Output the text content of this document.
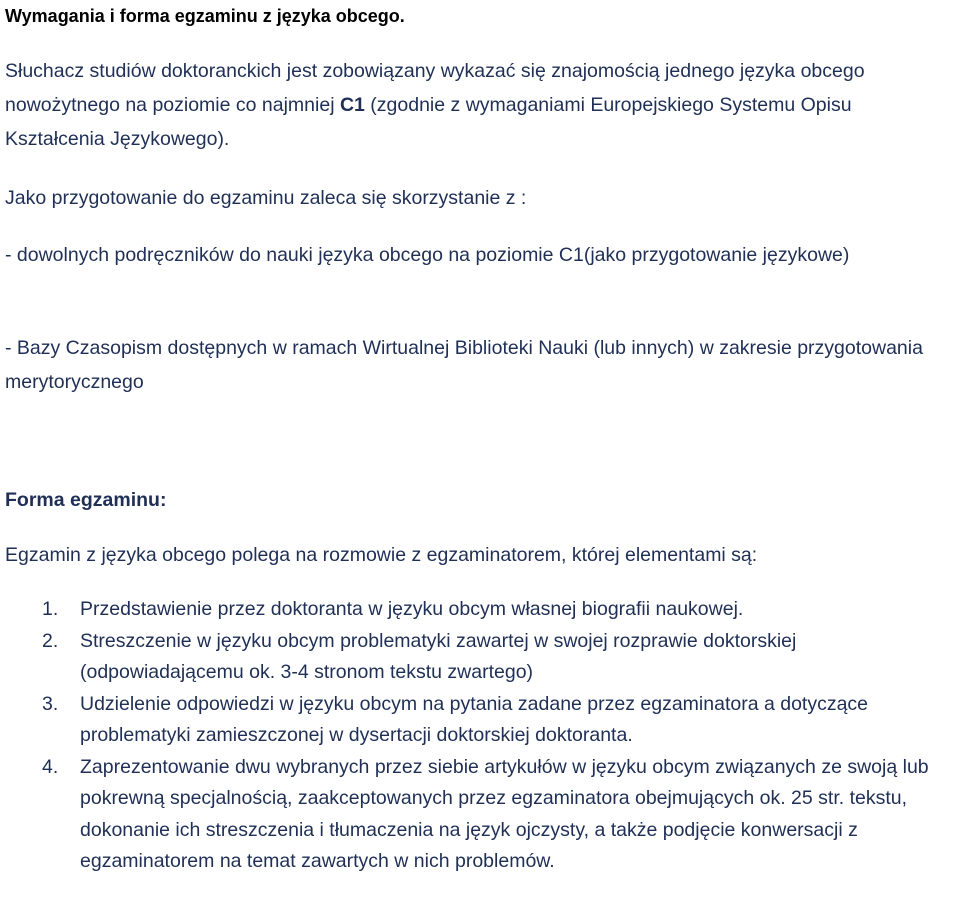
Wymagania i forma egzaminu z języka obcego.
Słuchacz studiów doktoranckich jest zobowiązany wykazać się znajomością jednego języka obcego nowożytnego na poziomie co najmniej C1 (zgodnie z wymaganiami Europejskiego Systemu Opisu Kształcenia Językowego).
Jako przygotowanie do egzaminu zaleca się skorzystanie z :
- dowolnych podręczników do nauki języka obcego na poziomie C1(jako przygotowanie językowe)
- Bazy Czasopism dostępnych w ramach Wirtualnej Biblioteki Nauki (lub innych) w zakresie przygotowania merytorycznego
Forma egzaminu:
Egzamin z języka obcego polega na rozmowie z egzaminatorem, której elementami są:
1. Przedstawienie przez doktoranta w języku obcym własnej biografii naukowej.
2. Streszczenie w języku obcym problematyki zawartej w swojej rozprawie doktorskiej (odpowiadającemu ok. 3-4 stronom tekstu zwartego)
3. Udzielenie odpowiedzi w języku obcym na pytania zadane przez egzaminatora a dotyczące problematyki zamieszczonej w dysertacji doktorskiej doktoranta.
4. Zaprezentowanie dwu wybranych przez siebie artykułów w języku obcym związanych ze swoją lub pokrewną specjalnością, zaakceptowanych przez egzaminatora obejmujących ok. 25 str. tekstu, dokonanie ich streszczenia i tłumaczenia na język ojczysty, a także podjęcie konwersacji z egzaminatorem na temat zawartych w nich problemów.
